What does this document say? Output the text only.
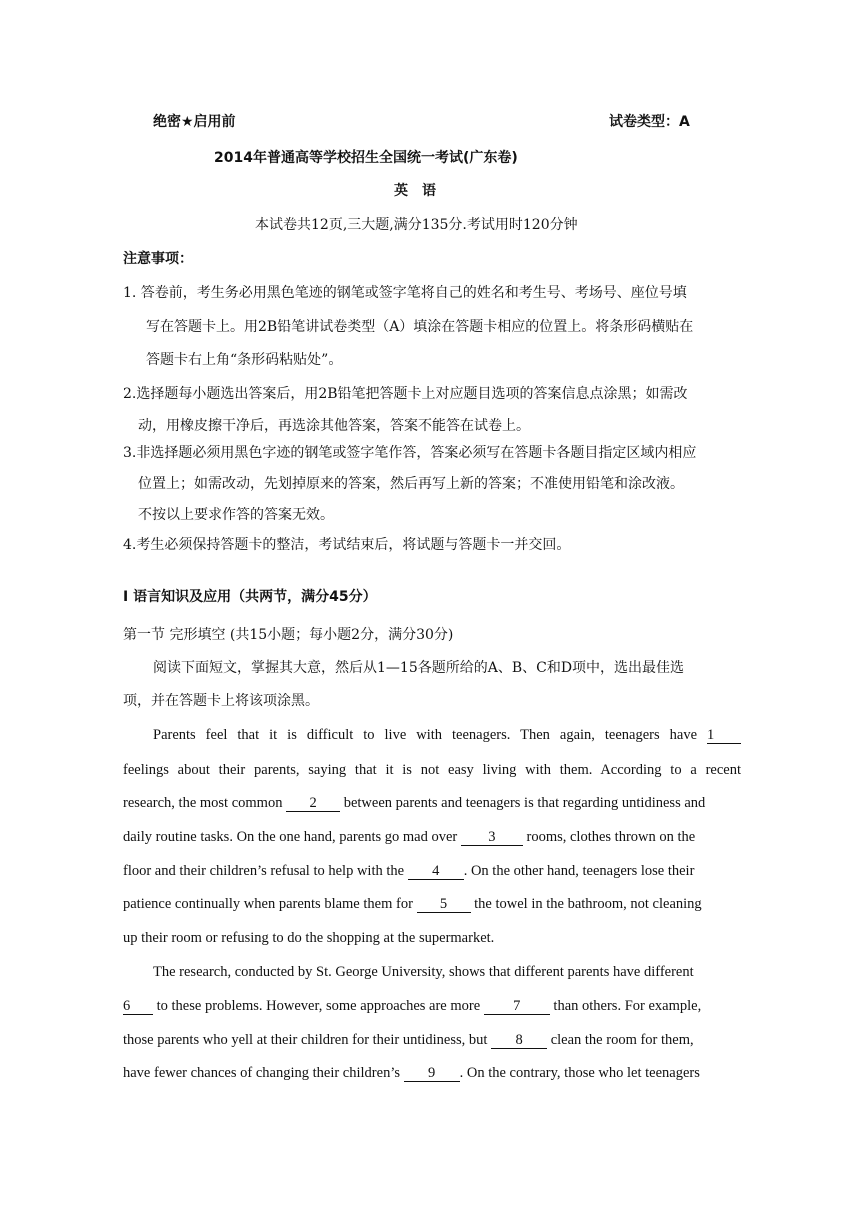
绝密★启用前	试卷类型：A
2014年普通高等学校招生全国统一考试(广东卷)
英　语
本试卷共12页,三大题,满分135分.考试用时120分钟
注意事项：
1. 答卷前，考生务必用黑色笔迹的钢笔或签字笔将自己的姓名和考生号、考场号、座位号填
写在答题卡上。用2B铅笔讲试卷类型（A）填涂在答题卡相应的位置上。将条形码横贴在
答题卡右上角“条形码粘贴处”。
2.选择题每小题选出答案后，用2B铅笔把答题卡上对应题目选项的答案信息点涂黑；如需改
动，用橡皮擦干净后，再选涂其他答案，答案不能答在试卷上。
3.非选择题必须用黑色字迹的钢笔或签字笔作答，答案必须写在答题卡各题目指定区域内相应
位置上；如需改动，先划掉原来的答案，然后再写上新的答案；不准使用铅笔和涂改液。
不按以上要求作答的答案无效。
4.考生必须保持答题卡的整洁，考试结束后，将试题与答题卡一并交回。
I 语言知识及应用（共两节，满分45分）
第一节 完形填空 (共15小题；每小题2分，满分30分)
阅读下面短文，掌握其大意，然后从1—15各题所给的A、B、C和D项中，选出最佳选
项，并在答题卡上将该项涂黑。
Parents feel that it is difficult to live with teenagers. Then again, teenagers have 1
feelings about their parents, saying that it is not easy living with them. According to a recent
research, the most common 2 between parents and teenagers is that regarding untidiness and
daily routine tasks. On the one hand, parents go mad over 3 rooms, clothes thrown on the
floor and their children’s refusal to help with the 4 . On the other hand, teenagers lose their
patience continually when parents blame them for 5 the towel in the bathroom, not cleaning
up their room or refusing to do the shopping at the supermarket.
The research, conducted by St. George University, shows that different parents have different
6 to these problems. However, some approaches are more 7 than others. For example,
those parents who yell at their children for their untidiness, but 8 clean the room for them,
have fewer chances of changing their children’s 9 . On the contrary, those who let teenagers
